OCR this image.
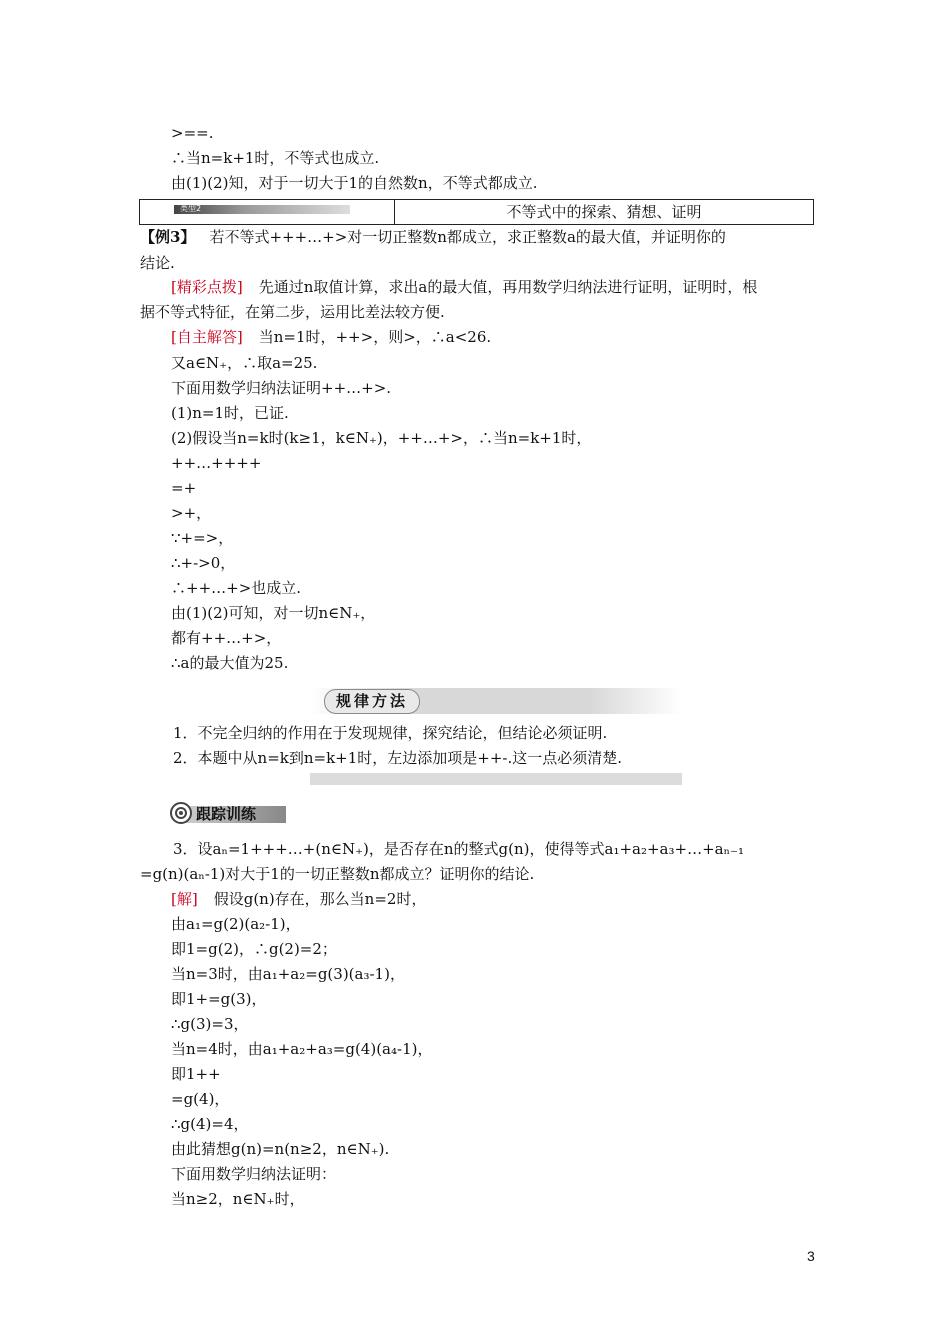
>==.
∴当n=k+1时，不等式也成立.
由(1)(2)知，对于一切大于1的自然数n，不等式都成立.
类型2	不等式中的探索、猜想、证明
【例3】 若不等式+++…+>对一切正整数n都成立，求正整数a的最大值，并证明你的
结论.
[精彩点拨] 先通过n取值计算，求出a的最大值，再用数学归纳法进行证明，证明时，根
据不等式特征，在第二步，运用比差法较方便.
[自主解答] 当n=1时，++>，则>，∴a<26.
又a∈N₊，∴取a=25.
下面用数学归纳法证明++…+>.
(1)n=1时，已证.
(2)假设当n=k时(k≥1，k∈N₊)，++…+>，∴当n=k+1时，
++…++++
=+
>+，
∵+=>，
∴+->0，
∴++…+>也成立.
由(1)(2)可知，对一切n∈N₊，
都有++…+>，
∴a的最大值为25.
规律方法
1．不完全归纳的作用在于发现规律，探究结论，但结论必须证明.
2．本题中从n=k到n=k+1时，左边添加项是++-.这一点必须清楚.
跟踪训练
3．设aₙ=1+++…+(n∈N₊)，是否存在n的整式g(n)，使得等式a₁+a₂+a₃+…+aₙ₋₁
=g(n)(aₙ-1)对大于1的一切正整数n都成立？证明你的结论.
[解] 假设g(n)存在，那么当n=2时，
由a₁=g(2)(a₂-1)，
即1=g(2)，∴g(2)=2；
当n=3时，由a₁+a₂=g(3)(a₃-1)，
即1+=g(3)，
∴g(3)=3，
当n=4时，由a₁+a₂+a₃=g(4)(a₄-1)，
即1++
=g(4)，
∴g(4)=4，
由此猜想g(n)=n(n≥2，n∈N₊).
下面用数学归纳法证明：
当n≥2，n∈N₊时，
3
